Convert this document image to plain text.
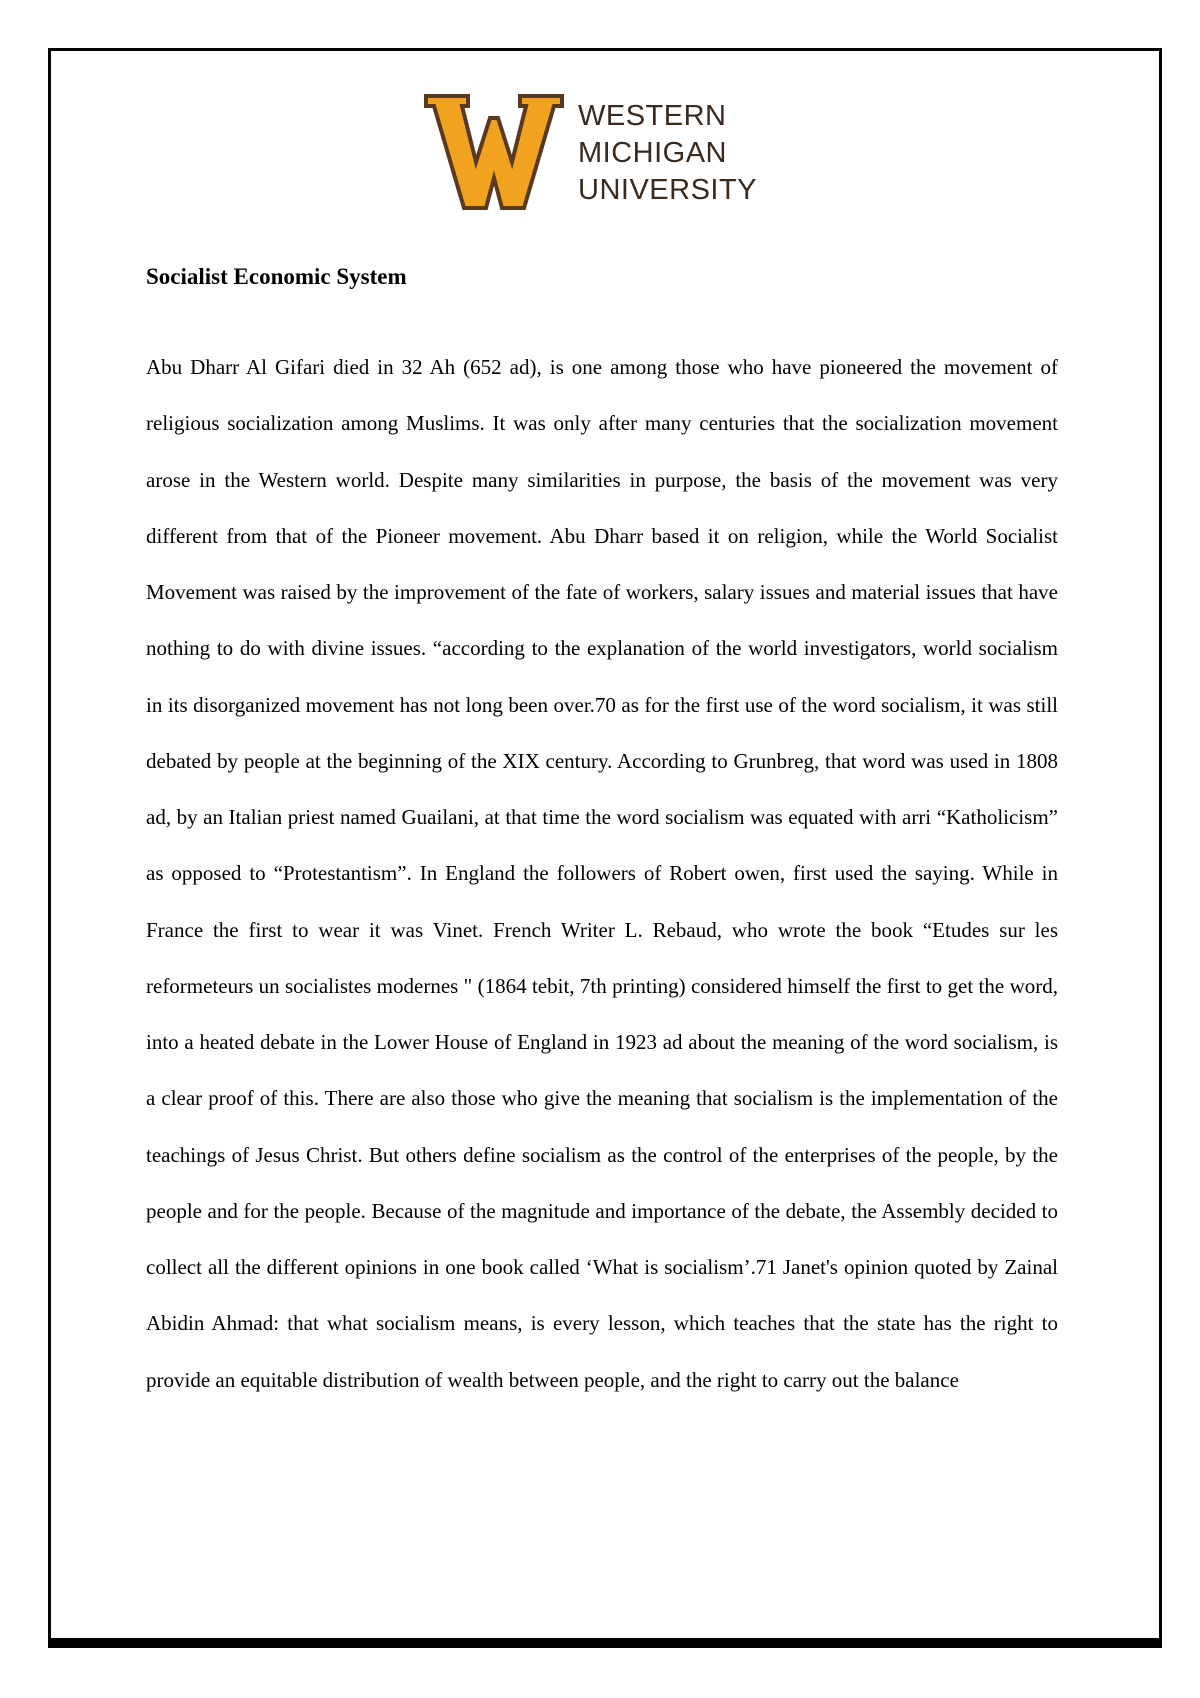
WESTERN
MICHIGAN
UNIVERSITY
Socialist Economic System

Abu Dharr Al Gifari died in 32 Ah (652 ad), is one among those who have pioneered the movement of religious socialization among Muslims. It was only after many centuries that the socialization movement arose in the Western world. Despite many similarities in purpose, the basis of the movement was very different from that of the Pioneer movement. Abu Dharr based it on religion, while the World Socialist Movement was raised by the improvement of the fate of workers, salary issues and material issues that have nothing to do with divine issues. “according to the explanation of the world investigators, world socialism in its disorganized movement has not long been over.70 as for the first use of the word socialism, it was still debated by people at the beginning of the XIX century. According to Grunbreg, that word was used in 1808 ad, by an Italian priest named Guailani, at that time the word socialism was equated with arri “Katholicism” as opposed to “Protestantism”. In England the followers of Robert owen, first used the saying. While in France the first to wear it was Vinet. French Writer L. Rebaud, who wrote the book “Etudes sur les reformeteurs un socialistes modernes " (1864 tebit, 7th printing) considered himself the first to get the word, into a heated debate in the Lower House of England in 1923 ad about the meaning of the word socialism, is a clear proof of this. There are also those who give the meaning that socialism is the implementation of the teachings of Jesus Christ. But others define socialism as the control of the enterprises of the people, by the people and for the people. Because of the magnitude and importance of the debate, the Assembly decided to collect all the different opinions in one book called ‘What is socialism’.71 Janet's opinion quoted by Zainal Abidin Ahmad: that what socialism means, is every lesson, which teaches that the state has the right to provide an equitable distribution of wealth between people, and the right to carry out the balance
